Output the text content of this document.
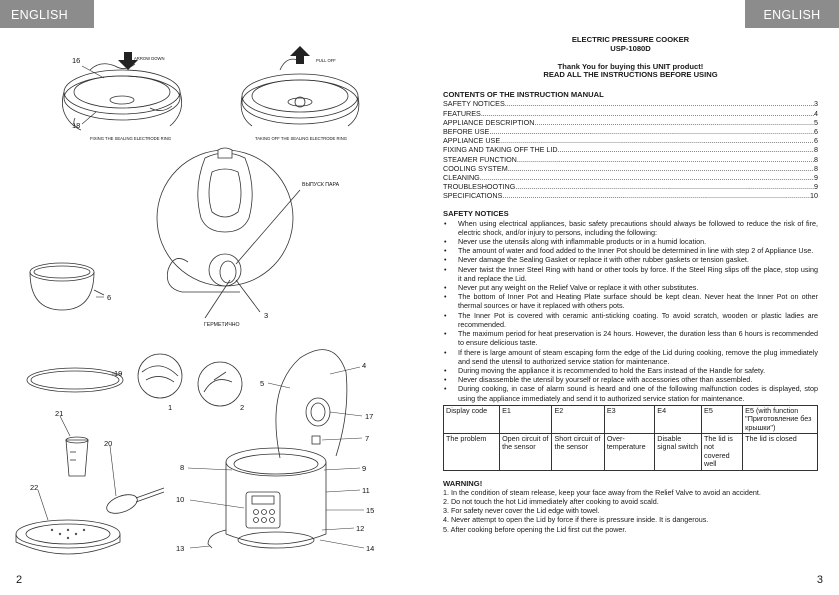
ENGLISH	ENGLISH
ARROW DOWN
FIXING THE SEALING ELECTRODE RING
PULL OFF
TAKING OFF THE SEALING ELECTRODE RING
ВЫПУСК ПАРА
ГЕРМЕТИЧНО
16
18
6
3
19
1	2
5
4
21
20
22
8
10
13
17
7
9
11
15
12
14
ELECTRIC PRESSURE COOKER
USP-1080D
Thank You for buying this UNIT product!
READ ALL THE INSTRUCTIONS BEFORE USING
CONTENTS OF THE INSTRUCTION MANUAL
SAFETY NOTICES .....	3
FEATURES .....	4
APPLIANCE DESCRIPTION .....	5
BEFORE USE .....	6
APPLIANCE USE .....	6
FIXING AND TAKING OFF THE LID .....	8
STEAMER FUNCTION .....	8
COOLING SYSTEM .....	8
CLEANING .....	9
TROUBLESHOOTING .....	9
SPECIFICATIONS .....	10
SAFETY NOTICES
• When using electrical appliances, basic safety precautions should always be followed to reduce the risk of fire, electric shock, and/or injury to persons, including the following:
• Never use the utensils along with inflammable products or in a humid location.
• The amount of water and food added to the Inner Pot should be determined in line with step 2 of Appliance Use.
• Never damage the Sealing Gasket or replace it with other rubber gaskets or tension gasket.
• Never twist the Inner Steel Ring with hand or other tools by force. If the Steel Ring slips off the place, stop using it and replace the Lid.
• Never put any weight on the Relief Valve or replace it with other substitutes.
• The bottom of Inner Pot and Heating Plate surface should be kept clean. Never heat the Inner Pot on other thermal sources or have it replaced with others pots.
• The Inner Pot is covered with ceramic anti-sticking coating. To avoid scratch, wooden or plastic ladies are recommended.
• The maximum period for heat preservation is 24 hours. However, the duration less than 6 hours is recommended to ensure delicious taste.
• If there is large amount of steam escaping form the edge of the Lid during cooking, remove the plug immediately and send the utensil to authorized service station for maintenance.
• During moving the appliance it is recommended to hold the Ears instead of the Handle for safety.
• Never disassemble the utensil by yourself or replace with accessories other than assembled.
• During cooking, in case of alarm sound is heard and one of the following malfunction codes is displayed, stop using the appliance immediately and send it to authorized service station for maintenance.
Display code	E1	E2	E3	E4	E5	E5 (with function "Приготовление без крышки")
The problem	Open circuit of the sensor	Short circuit of the sensor	Over-temperature	Disable signal switch	The lid is not covered well	The lid is closed
WARNING!
1. In the condition of steam release, keep your face away from the Relief Valve to avoid an accident.
2. Do not touch the hot Lid immediately after cooking to avoid scald.
3. For safety never cover the Lid edge with towel.
4. Never attempt to open the Lid by force if there is pressure inside. It is dangerous.
5. After cooking before opening the Lid first cut the power.
2	3
